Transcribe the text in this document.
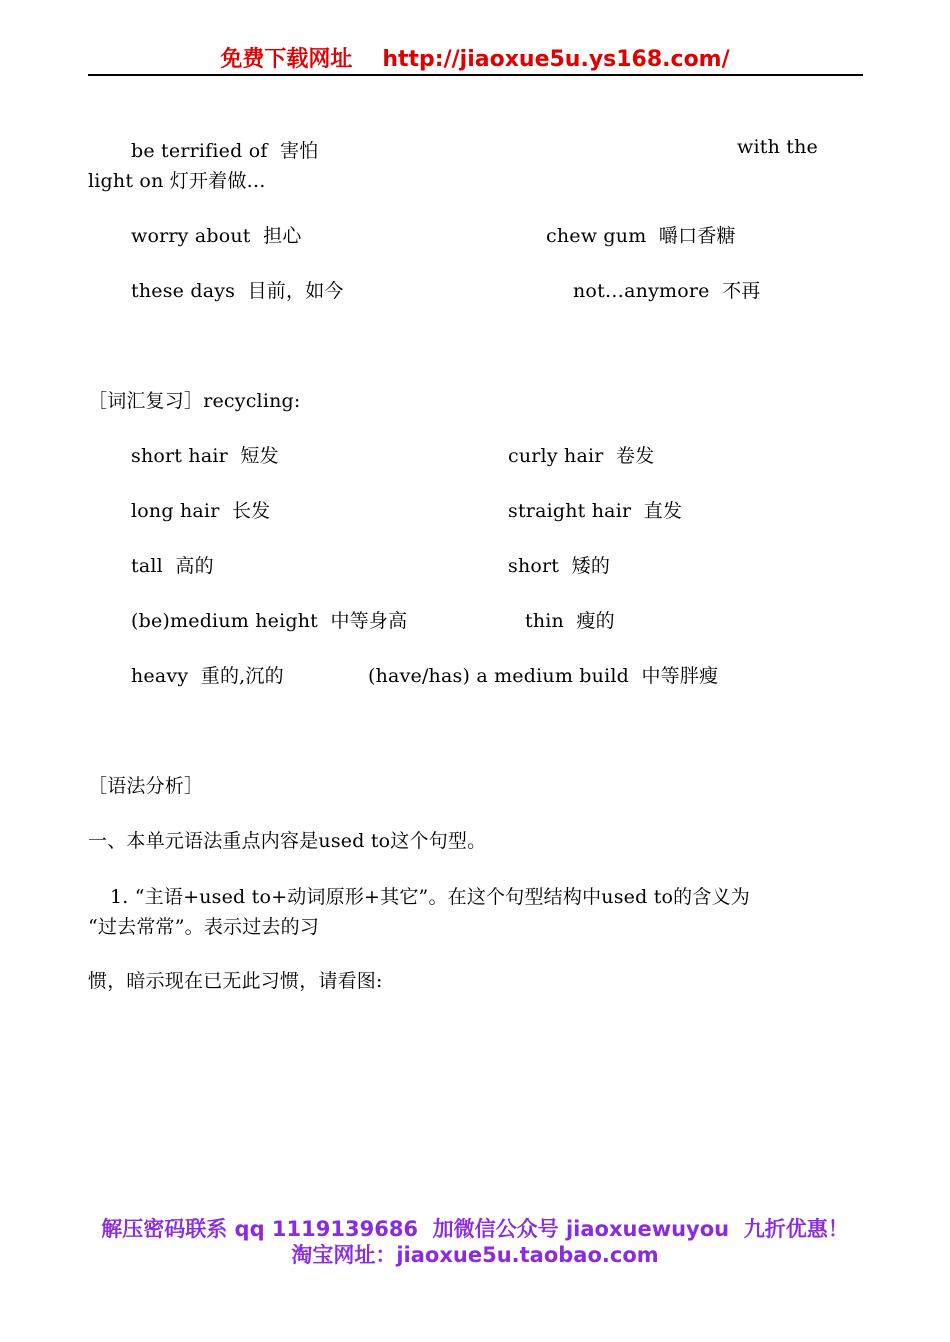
免费下载网址 http://jiaoxue5u.ys168.com/
be terrified of  害怕	with the
light on 灯开着做…
worry about  担心	chew gum  嚼口香糖
these days  目前，如今	not…anymore  不再
［词汇复习］recycling:
short hair  短发	curly hair  卷发
long hair  长发	straight hair  直发
tall  高的	short  矮的
(be)medium height  中等身高	thin  瘦的
heavy  重的,沉的	(have/has) a medium build  中等胖瘦
［语法分析］
一、本单元语法重点内容是used to这个句型。
1. “主语+used to+动词原形+其它”。在这个句型结构中used to的含义为
“过去常常”。表示过去的习
惯，暗示现在已无此习惯，请看图:
解压密码联系 qq 1119139686  加微信公众号 jiaoxuewuyou  九折优惠！
淘宝网址：jiaoxue5u.taobao.com
